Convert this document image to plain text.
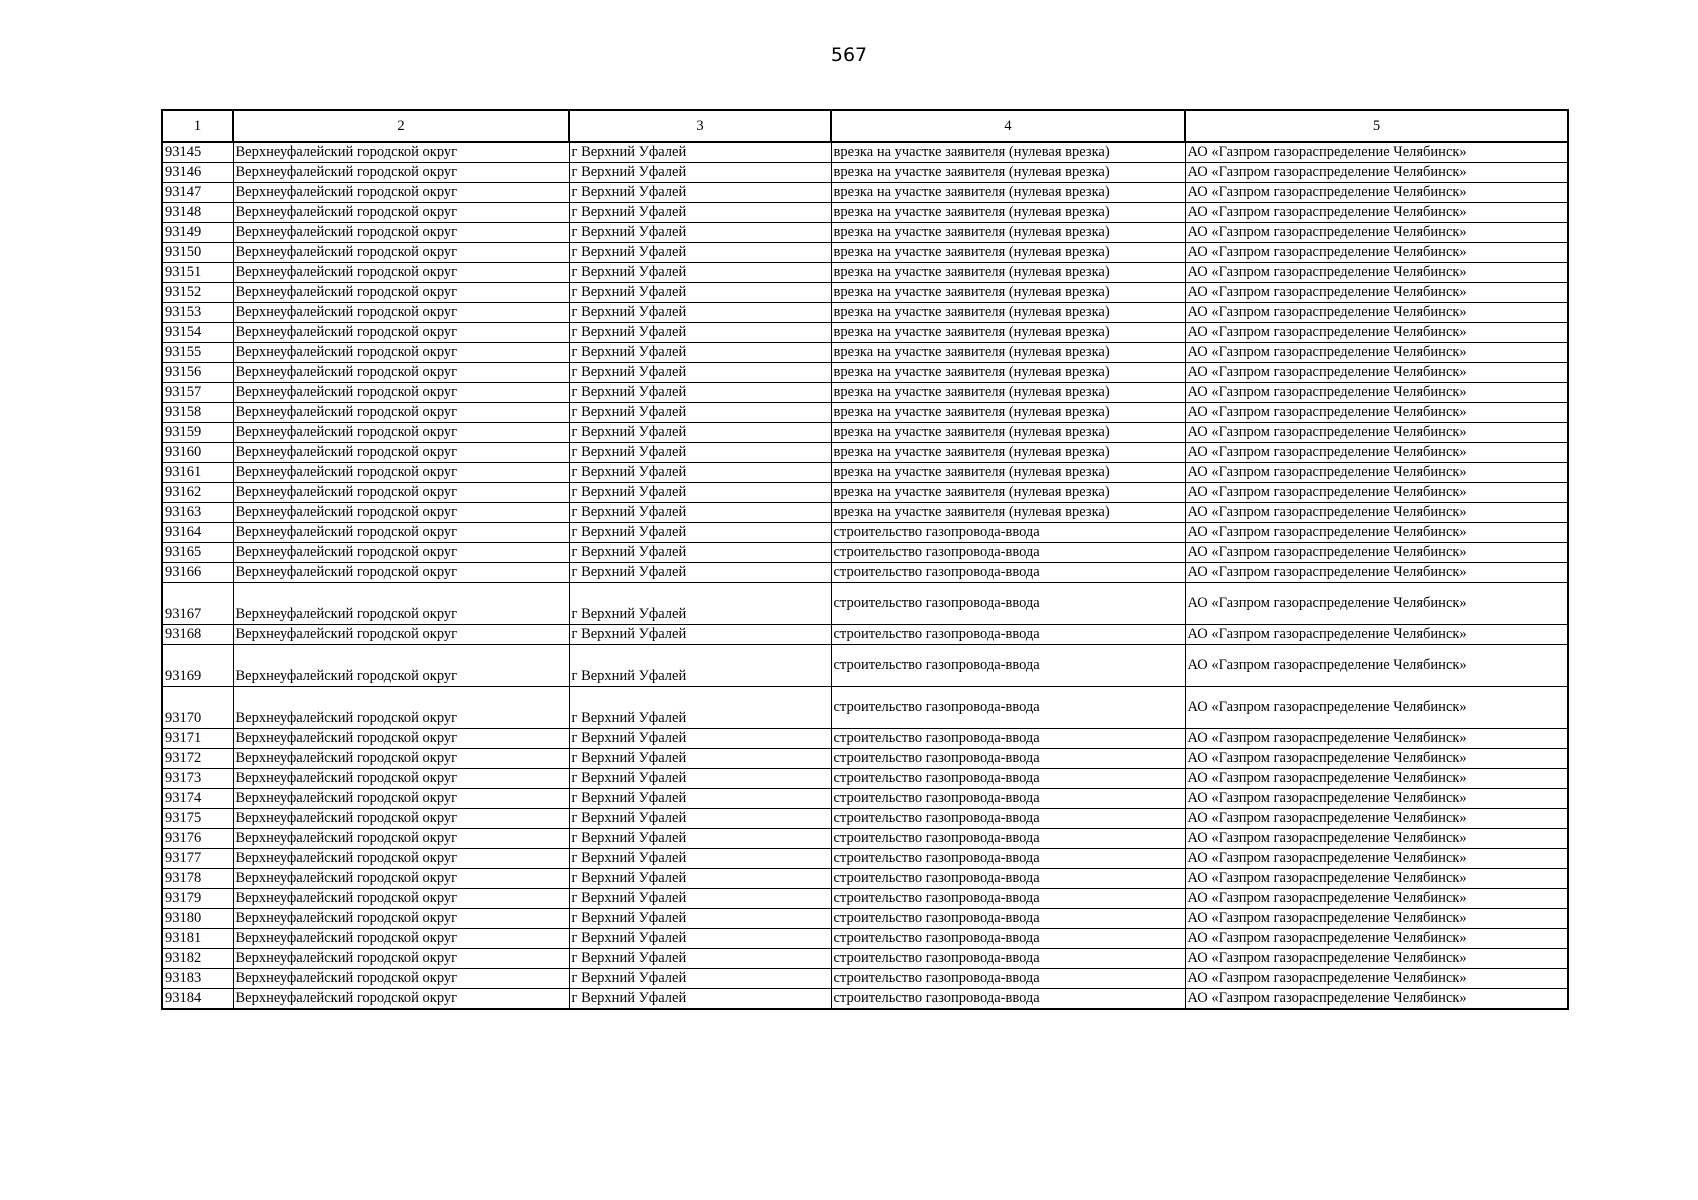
567
1	2	3	4	5
93145	Верхнеуфалейский городской округ	г Верхний Уфалей	врезка на участке заявителя (нулевая врезка)	АО «Газпром газораспределение Челябинск»
93146	Верхнеуфалейский городской округ	г Верхний Уфалей	врезка на участке заявителя (нулевая врезка)	АО «Газпром газораспределение Челябинск»
93147	Верхнеуфалейский городской округ	г Верхний Уфалей	врезка на участке заявителя (нулевая врезка)	АО «Газпром газораспределение Челябинск»
93148	Верхнеуфалейский городской округ	г Верхний Уфалей	врезка на участке заявителя (нулевая врезка)	АО «Газпром газораспределение Челябинск»
93149	Верхнеуфалейский городской округ	г Верхний Уфалей	врезка на участке заявителя (нулевая врезка)	АО «Газпром газораспределение Челябинск»
93150	Верхнеуфалейский городской округ	г Верхний Уфалей	врезка на участке заявителя (нулевая врезка)	АО «Газпром газораспределение Челябинск»
93151	Верхнеуфалейский городской округ	г Верхний Уфалей	врезка на участке заявителя (нулевая врезка)	АО «Газпром газораспределение Челябинск»
93152	Верхнеуфалейский городской округ	г Верхний Уфалей	врезка на участке заявителя (нулевая врезка)	АО «Газпром газораспределение Челябинск»
93153	Верхнеуфалейский городской округ	г Верхний Уфалей	врезка на участке заявителя (нулевая врезка)	АО «Газпром газораспределение Челябинск»
93154	Верхнеуфалейский городской округ	г Верхний Уфалей	врезка на участке заявителя (нулевая врезка)	АО «Газпром газораспределение Челябинск»
93155	Верхнеуфалейский городской округ	г Верхний Уфалей	врезка на участке заявителя (нулевая врезка)	АО «Газпром газораспределение Челябинск»
93156	Верхнеуфалейский городской округ	г Верхний Уфалей	врезка на участке заявителя (нулевая врезка)	АО «Газпром газораспределение Челябинск»
93157	Верхнеуфалейский городской округ	г Верхний Уфалей	врезка на участке заявителя (нулевая врезка)	АО «Газпром газораспределение Челябинск»
93158	Верхнеуфалейский городской округ	г Верхний Уфалей	врезка на участке заявителя (нулевая врезка)	АО «Газпром газораспределение Челябинск»
93159	Верхнеуфалейский городской округ	г Верхний Уфалей	врезка на участке заявителя (нулевая врезка)	АО «Газпром газораспределение Челябинск»
93160	Верхнеуфалейский городской округ	г Верхний Уфалей	врезка на участке заявителя (нулевая врезка)	АО «Газпром газораспределение Челябинск»
93161	Верхнеуфалейский городской округ	г Верхний Уфалей	врезка на участке заявителя (нулевая врезка)	АО «Газпром газораспределение Челябинск»
93162	Верхнеуфалейский городской округ	г Верхний Уфалей	врезка на участке заявителя (нулевая врезка)	АО «Газпром газораспределение Челябинск»
93163	Верхнеуфалейский городской округ	г Верхний Уфалей	врезка на участке заявителя (нулевая врезка)	АО «Газпром газораспределение Челябинск»
93164	Верхнеуфалейский городской округ	г Верхний Уфалей	строительство газопровода-ввода	АО «Газпром газораспределение Челябинск»
93165	Верхнеуфалейский городской округ	г Верхний Уфалей	строительство газопровода-ввода	АО «Газпром газораспределение Челябинск»
93166	Верхнеуфалейский городской округ	г Верхний Уфалей	строительство газопровода-ввода	АО «Газпром газораспределение Челябинск»
93167	Верхнеуфалейский городской округ	г Верхний Уфалей	строительство газопровода-ввода	АО «Газпром газораспределение Челябинск»
93168	Верхнеуфалейский городской округ	г Верхний Уфалей	строительство газопровода-ввода	АО «Газпром газораспределение Челябинск»
93169	Верхнеуфалейский городской округ	г Верхний Уфалей	строительство газопровода-ввода	АО «Газпром газораспределение Челябинск»
93170	Верхнеуфалейский городской округ	г Верхний Уфалей	строительство газопровода-ввода	АО «Газпром газораспределение Челябинск»
93171	Верхнеуфалейский городской округ	г Верхний Уфалей	строительство газопровода-ввода	АО «Газпром газораспределение Челябинск»
93172	Верхнеуфалейский городской округ	г Верхний Уфалей	строительство газопровода-ввода	АО «Газпром газораспределение Челябинск»
93173	Верхнеуфалейский городской округ	г Верхний Уфалей	строительство газопровода-ввода	АО «Газпром газораспределение Челябинск»
93174	Верхнеуфалейский городской округ	г Верхний Уфалей	строительство газопровода-ввода	АО «Газпром газораспределение Челябинск»
93175	Верхнеуфалейский городской округ	г Верхний Уфалей	строительство газопровода-ввода	АО «Газпром газораспределение Челябинск»
93176	Верхнеуфалейский городской округ	г Верхний Уфалей	строительство газопровода-ввода	АО «Газпром газораспределение Челябинск»
93177	Верхнеуфалейский городской округ	г Верхний Уфалей	строительство газопровода-ввода	АО «Газпром газораспределение Челябинск»
93178	Верхнеуфалейский городской округ	г Верхний Уфалей	строительство газопровода-ввода	АО «Газпром газораспределение Челябинск»
93179	Верхнеуфалейский городской округ	г Верхний Уфалей	строительство газопровода-ввода	АО «Газпром газораспределение Челябинск»
93180	Верхнеуфалейский городской округ	г Верхний Уфалей	строительство газопровода-ввода	АО «Газпром газораспределение Челябинск»
93181	Верхнеуфалейский городской округ	г Верхний Уфалей	строительство газопровода-ввода	АО «Газпром газораспределение Челябинск»
93182	Верхнеуфалейский городской округ	г Верхний Уфалей	строительство газопровода-ввода	АО «Газпром газораспределение Челябинск»
93183	Верхнеуфалейский городской округ	г Верхний Уфалей	строительство газопровода-ввода	АО «Газпром газораспределение Челябинск»
93184	Верхнеуфалейский городской округ	г Верхний Уфалей	строительство газопровода-ввода	АО «Газпром газораспределение Челябинск»
